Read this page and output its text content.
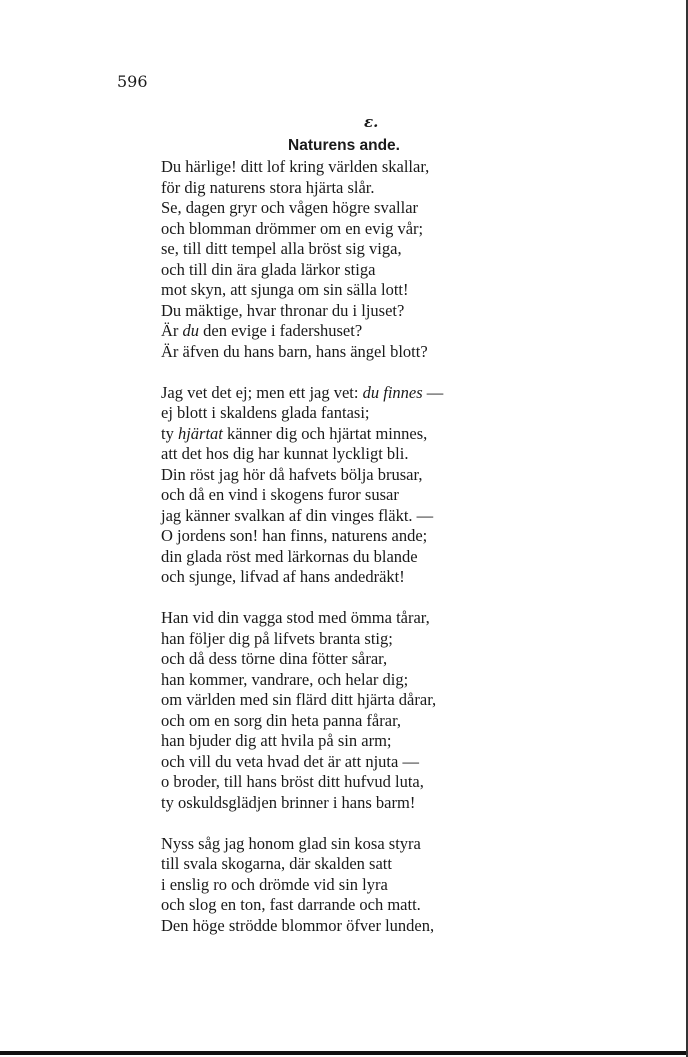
596
ε.
Naturens ande.
Du härlige! ditt lof kring världen skallar,
för dig naturens stora hjärta slår.
Se, dagen gryr och vågen högre svallar
och blomman drömmer om en evig vår;
se, till ditt tempel alla bröst sig viga,
och till din ära glada lärkor stiga
mot skyn, att sjunga om sin sälla lott!
Du mäktige, hvar thronar du i ljuset?
Är du den evige i fadershuset?
Är äfven du hans barn, hans ängel blott?
Jag vet det ej; men ett jag vet: du finnes —
ej blott i skaldens glada fantasi;
ty hjärtat känner dig och hjärtat minnes,
att det hos dig har kunnat lyckligt bli.
Din röst jag hör då hafvets bölja brusar,
och då en vind i skogens furor susar
jag känner svalkan af din vinges fläkt. —
O jordens son! han finns, naturens ande;
din glada röst med lärkornas du blande
och sjunge, lifvad af hans andedräkt!
Han vid din vagga stod med ömma tårar,
han följer dig på lifvets branta stig;
och då dess törne dina fötter sårar,
han kommer, vandrare, och helar dig;
om världen med sin flärd ditt hjärta dårar,
och om en sorg din heta panna fårar,
han bjuder dig att hvila på sin arm;
och vill du veta hvad det är att njuta —
o broder, till hans bröst ditt hufvud luta,
ty oskuldsglädjen brinner i hans barm!
Nyss såg jag honom glad sin kosa styra
till svala skogarna, där skalden satt
i enslig ro och drömde vid sin lyra
och slog en ton, fast darrande och matt.
Den höge strödde blommor öfver lunden,
